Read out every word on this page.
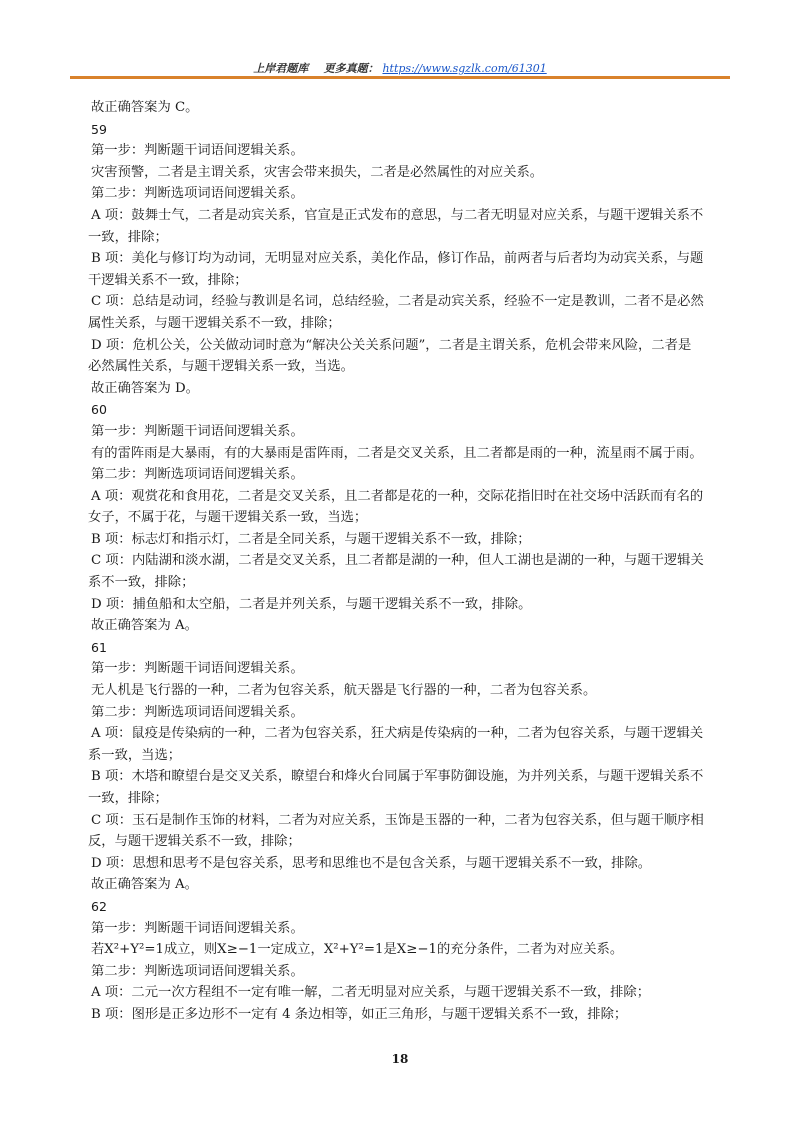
上岸君题库 更多真题： https://www.sgzlk.com/61301
故正确答案为 C。
59
第一步：判断题干词语间逻辑关系。
灾害预警，二者是主谓关系，灾害会带来损失，二者是必然属性的对应关系。
第二步：判断选项词语间逻辑关系。
A 项：鼓舞士气，二者是动宾关系，官宣是正式发布的意思，与二者无明显对应关系，与题干逻辑关系不
一致，排除；
B 项：美化与修订均为动词，无明显对应关系，美化作品，修订作品，前两者与后者均为动宾关系，与题
干逻辑关系不一致，排除；
C 项：总结是动词，经验与教训是名词，总结经验，二者是动宾关系，经验不一定是教训，二者不是必然
属性关系，与题干逻辑关系不一致，排除；
D 项：危机公关，公关做动词时意为“解决公关关系问题”，二者是主谓关系，危机会带来风险，二者是
必然属性关系，与题干逻辑关系一致，当选。
故正确答案为 D。
60
第一步：判断题干词语间逻辑关系。
有的雷阵雨是大暴雨，有的大暴雨是雷阵雨，二者是交叉关系，且二者都是雨的一种，流星雨不属于雨。
第二步：判断选项词语间逻辑关系。
A 项：观赏花和食用花，二者是交叉关系，且二者都是花的一种，交际花指旧时在社交场中活跃而有名的
女子，不属于花，与题干逻辑关系一致，当选；
B 项：标志灯和指示灯，二者是全同关系，与题干逻辑关系不一致，排除；
C 项：内陆湖和淡水湖，二者是交叉关系，且二者都是湖的一种，但人工湖也是湖的一种，与题干逻辑关
系不一致，排除；
D 项：捕鱼船和太空船，二者是并列关系，与题干逻辑关系不一致，排除。
故正确答案为 A。
61
第一步：判断题干词语间逻辑关系。
无人机是飞行器的一种，二者为包容关系，航天器是飞行器的一种，二者为包容关系。
第二步：判断选项词语间逻辑关系。
A 项：鼠疫是传染病的一种，二者为包容关系，狂犬病是传染病的一种，二者为包容关系，与题干逻辑关
系一致，当选；
B 项：木塔和瞭望台是交叉关系，瞭望台和烽火台同属于军事防御设施，为并列关系，与题干逻辑关系不
一致，排除；
C 项：玉石是制作玉饰的材料，二者为对应关系，玉饰是玉器的一种，二者为包容关系，但与题干顺序相
反，与题干逻辑关系不一致，排除；
D 项：思想和思考不是包容关系，思考和思维也不是包含关系，与题干逻辑关系不一致，排除。
故正确答案为 A。
62
第一步：判断题干词语间逻辑关系。
若X²+Y²=1成立，则X≥−1一定成立，X²+Y²=1是X≥−1的充分条件，二者为对应关系。
第二步：判断选项词语间逻辑关系。
A 项：二元一次方程组不一定有唯一解，二者无明显对应关系，与题干逻辑关系不一致，排除；
B 项：图形是正多边形不一定有 4 条边相等，如正三角形，与题干逻辑关系不一致，排除；
18
